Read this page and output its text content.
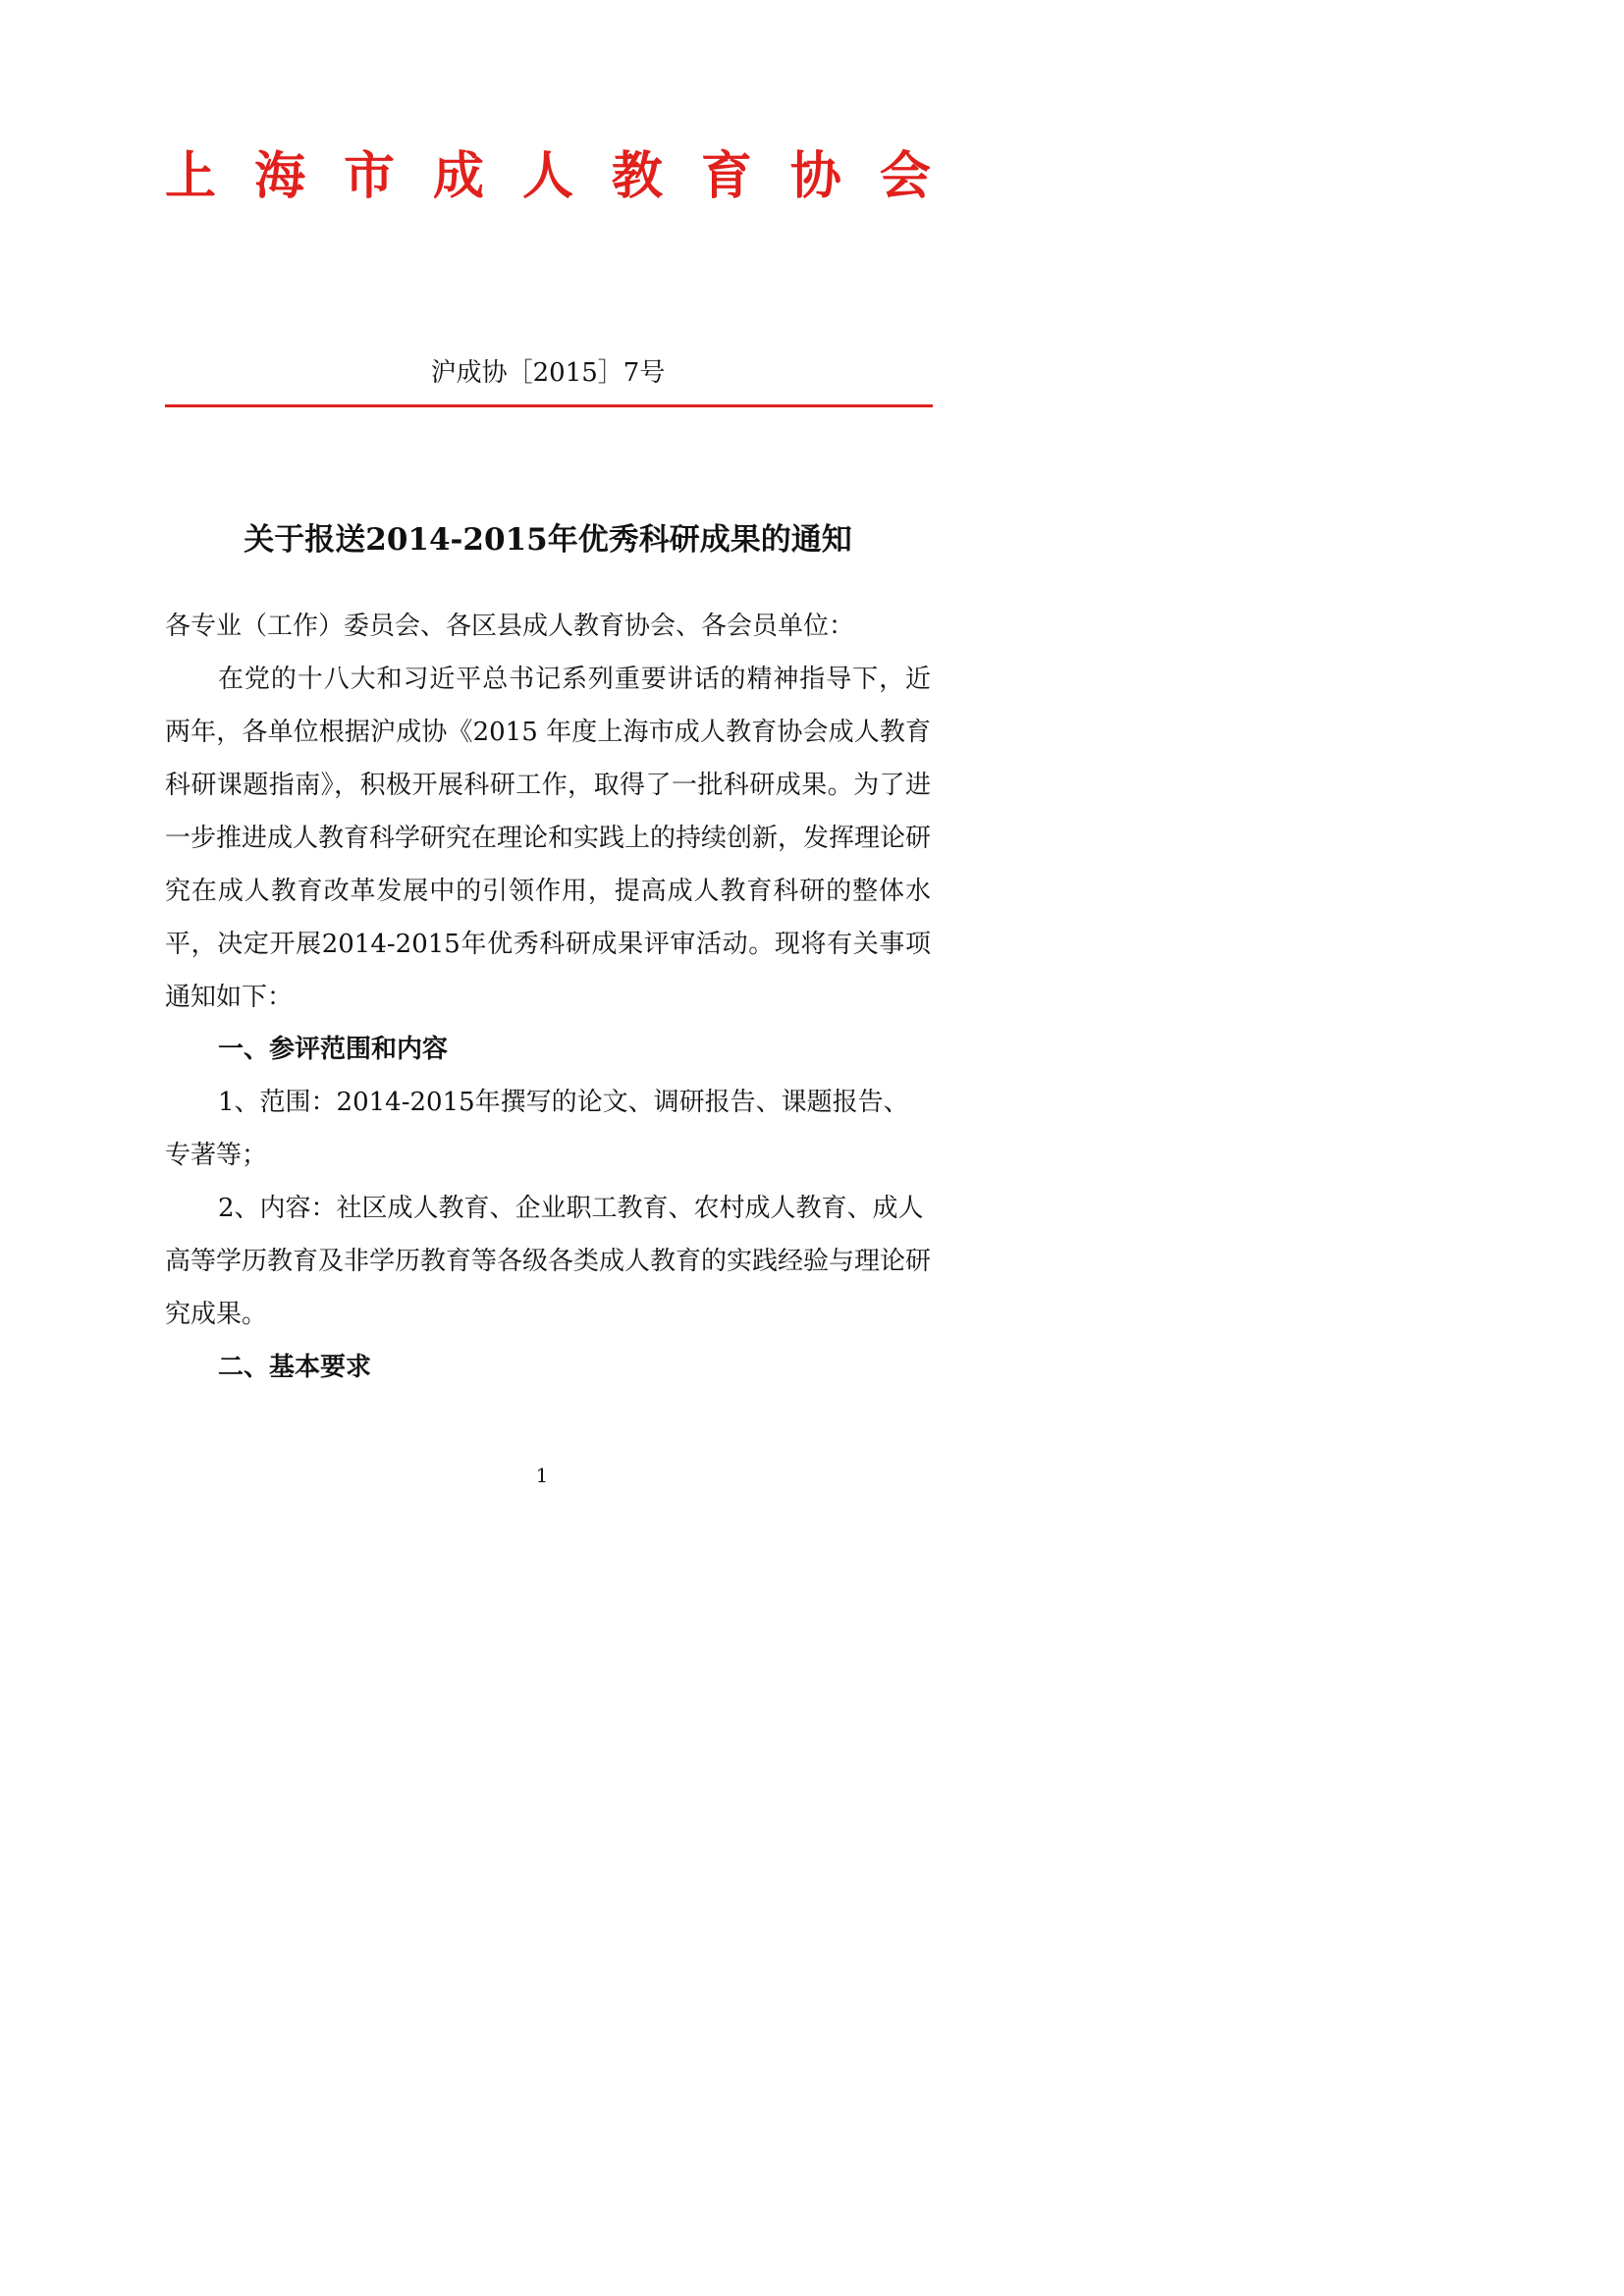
上 海 市 成 人 教 育 协 会
沪成协［2015］7号
关于报送2014-2015年优秀科研成果的通知
各专业（工作）委员会、各区县成人教育协会、各会员单位：
在党的十八大和习近平总书记系列重要讲话的精神指导下，近两年，各单位根据沪成协《2015 年度上海市成人教育协会成人教育科研课题指南》，积极开展科研工作，取得了一批科研成果。为了进一步推进成人教育科学研究在理论和实践上的持续创新，发挥理论研究在成人教育改革发展中的引领作用，提高成人教育科研的整体水平，决定开展2014-2015年优秀科研成果评审活动。现将有关事项通知如下：
一、参评范围和内容
1、范围：2014-2015年撰写的论文、调研报告、课题报告、专著等；
2、内容：社区成人教育、企业职工教育、农村成人教育、成人高等学历教育及非学历教育等各级各类成人教育的实践经验与理论研究成果。
二、基本要求
1
